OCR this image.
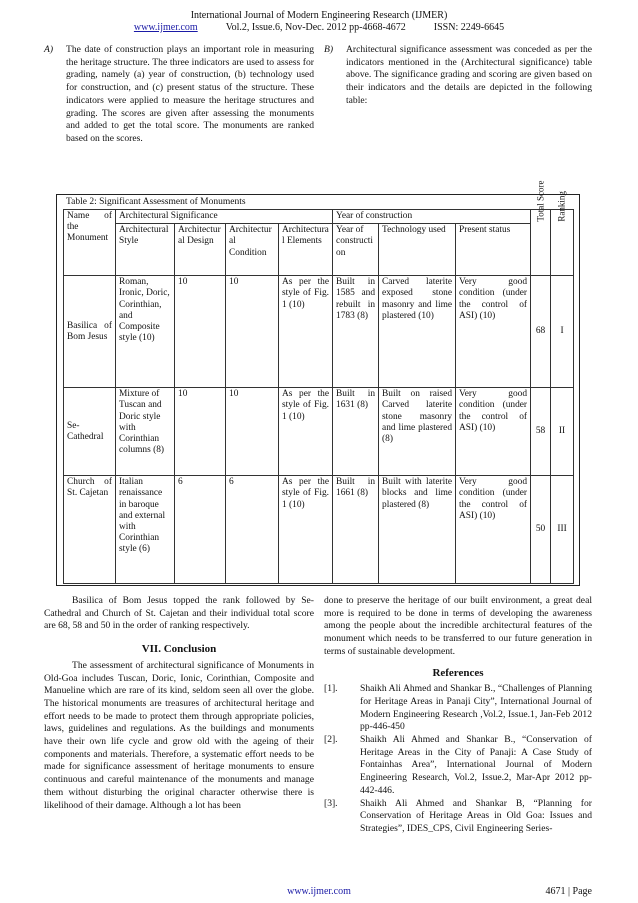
International Journal of Modern Engineering Research (IJMER)
www.ijmer.com	Vol.2, Issue.6, Nov-Dec. 2012 pp-4668-4672	ISSN: 2249-6645
A)	The date of construction plays an important role in measuring the heritage structure. The three indicators are used to assess for grading, namely (a) year of construction, (b) technology used for construction, and (c) present status of the structure. These indicators were applied to measure the heritage structures and grading. The scores are given after assessing the monuments and added to get the total score. The monuments are ranked based on the scores.
B)	Architectural significance assessment was conceded as per the indicators mentioned in the (Architectural significance) table above. The significance grading and scoring are given based on their indicators and the details are depicted in the following table:
Table 2: Significant Assessment of Monuments
Name of the Monument	Architectural Significance				Year of construction			Total Score	Ranking

	Architectural Style	Architectural Design	Architectural Condition	Architectural Elements	Year of construction	Technology used	Present status		
Basilica of Bom Jesus	Roman, Ironic, Doric, Corinthian, and Composite style (10)	10	10	As per the style of Fig. 1 (10)	Built in 1585 and rebuilt in 1783 (8)	Carved laterite exposed stone masonry and lime plastered (10)	Very good condition (under the control of ASI) (10)	68	I
Se-Cathedral	Mixture of Tuscan and Doric style with Corinthian columns (8)	10	10	As per the style of Fig. 1 (10)	Built in 1631 (8)	Built on raised Carved laterite stone masonry and lime plastered (8)	Very good condition (under the control of ASI) (10)	58	II
Church of St. Cajetan	Italian renaissance in baroque and external with Corinthian style (6)	6	6	As per the style of Fig. 1 (10)	Built in 1661 (8)	Built with laterite blocks and lime plastered (8)	Very good condition (under the control of ASI) (10)	50	III

Basilica of Bom Jesus topped the rank followed by Se-Cathedral and Church of St. Cajetan and their individual total score are 68, 58 and 50 in the order of ranking respectively.

VII. Conclusion

The assessment of architectural significance of Monuments in Old-Goa includes Tuscan, Doric, Ionic, Corinthian, Composite and Manueline which are rare of its kind, seldom seen all over the globe. The historical monuments are treasures of architectural heritage and effort needs to be made to protect them through appropriate policies, laws, guidelines and regulations. As the buildings and monuments have their own life cycle and grow old with the ageing of their components and materials. Therefore, a systematic effort needs to be made for significance assessment of heritage monuments to ensure continuous and careful maintenance of the monuments and manage them without disturbing the original character otherwise there is likelihood of their damage. Although a lot has been

done to preserve the heritage of our built environment, a great deal more is required to be done in terms of developing the awareness among the people about the incredible architectural features of the monument which needs to be transferred to our future generation in terms of sustainable development.

References
[1].	Shaikh Ali Ahmed and Shankar B., “Challenges of Planning for Heritage Areas in Panaji City”, International Journal of Modern Engineering Research ,Vol.2, Issue.1, Jan-Feb 2012 pp-446-450
[2].	Shaikh Ali Ahmed and Shankar B., “Conservation of Heritage Areas in the City of Panaji: A Case Study of Fontainhas Area”, International Journal of Modern Engineering Research, Vol.2, Issue.2, Mar-Apr 2012 pp-442-446.
[3].	Shaikh Ali Ahmed and Shankar B, “Planning for Conservation of Heritage Areas in Old Goa: Issues and Strategies”, IDES_CPS, Civil Engineering Series-
www.ijmer.com	4671 | Page
